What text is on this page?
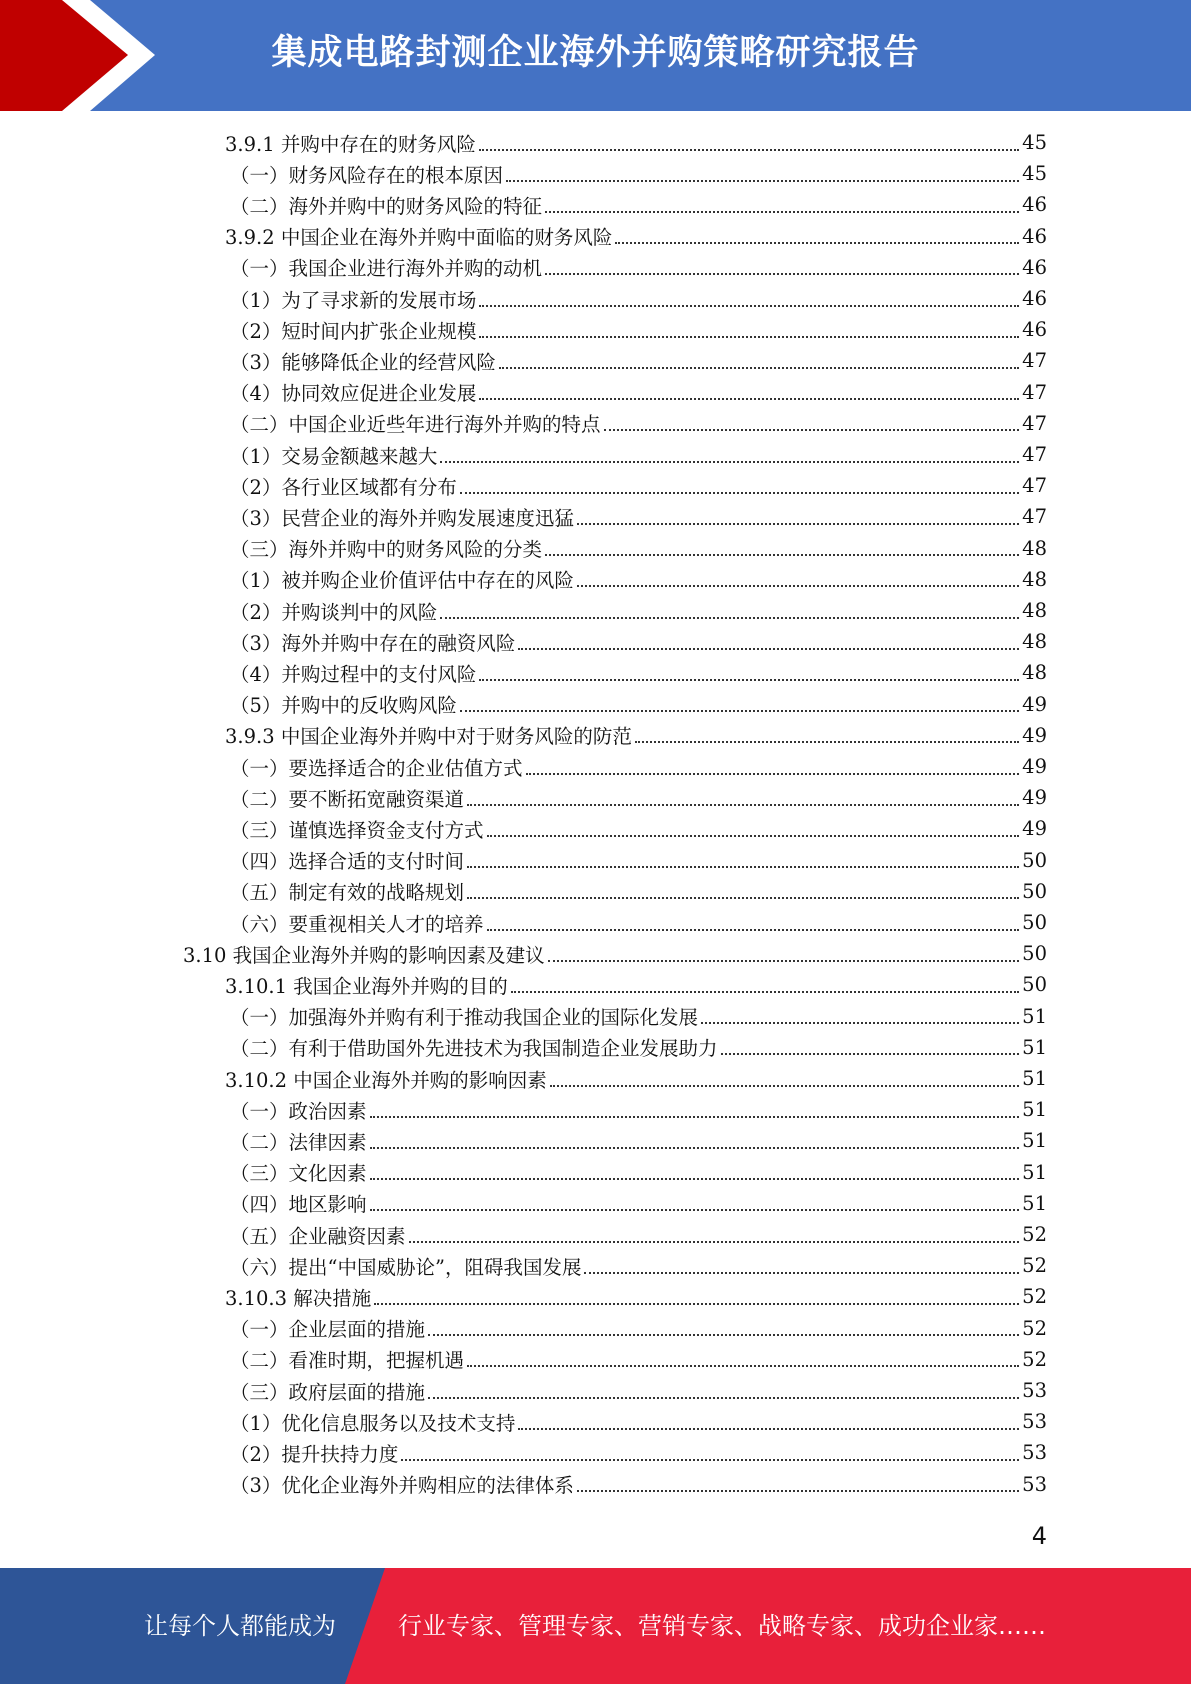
集成电路封测企业海外并购策略研究报告
3.9.1 并购中存在的财务风险	45
（一）财务风险存在的根本原因	45
（二）海外并购中的财务风险的特征	46
3.9.2 中国企业在海外并购中面临的财务风险	46
（一）我国企业进行海外并购的动机	46
（1）为了寻求新的发展市场	46
（2）短时间内扩张企业规模	46
（3）能够降低企业的经营风险	47
（4）协同效应促进企业发展	47
（二）中国企业近些年进行海外并购的特点	47
（1）交易金额越来越大	47
（2）各行业区域都有分布	47
（3）民营企业的海外并购发展速度迅猛	47
（三）海外并购中的财务风险的分类	48
（1）被并购企业价值评估中存在的风险	48
（2）并购谈判中的风险	48
（3）海外并购中存在的融资风险	48
（4）并购过程中的支付风险	48
（5）并购中的反收购风险	49
3.9.3 中国企业海外并购中对于财务风险的防范	49
（一）要选择适合的企业估值方式	49
（二）要不断拓宽融资渠道	49
（三）谨慎选择资金支付方式	49
（四）选择合适的支付时间	50
（五）制定有效的战略规划	50
（六）要重视相关人才的培养	50
3.10 我国企业海外并购的影响因素及建议	50
3.10.1 我国企业海外并购的目的	50
（一）加强海外并购有利于推动我国企业的国际化发展	51
（二）有利于借助国外先进技术为我国制造企业发展助力	51
3.10.2 中国企业海外并购的影响因素	51
（一）政治因素	51
（二）法律因素	51
（三）文化因素	51
（四）地区影响	51
（五）企业融资因素	52
（六）提出“中国威胁论”，阻碍我国发展	52
3.10.3 解决措施	52
（一）企业层面的措施	52
（二）看准时期，把握机遇	52
（三）政府层面的措施	53
（1）优化信息服务以及技术支持	53
（2）提升扶持力度	53
（3）优化企业海外并购相应的法律体系	53
4
让每个人都能成为	行业专家、管理专家、营销专家、战略专家、成功企业家……
